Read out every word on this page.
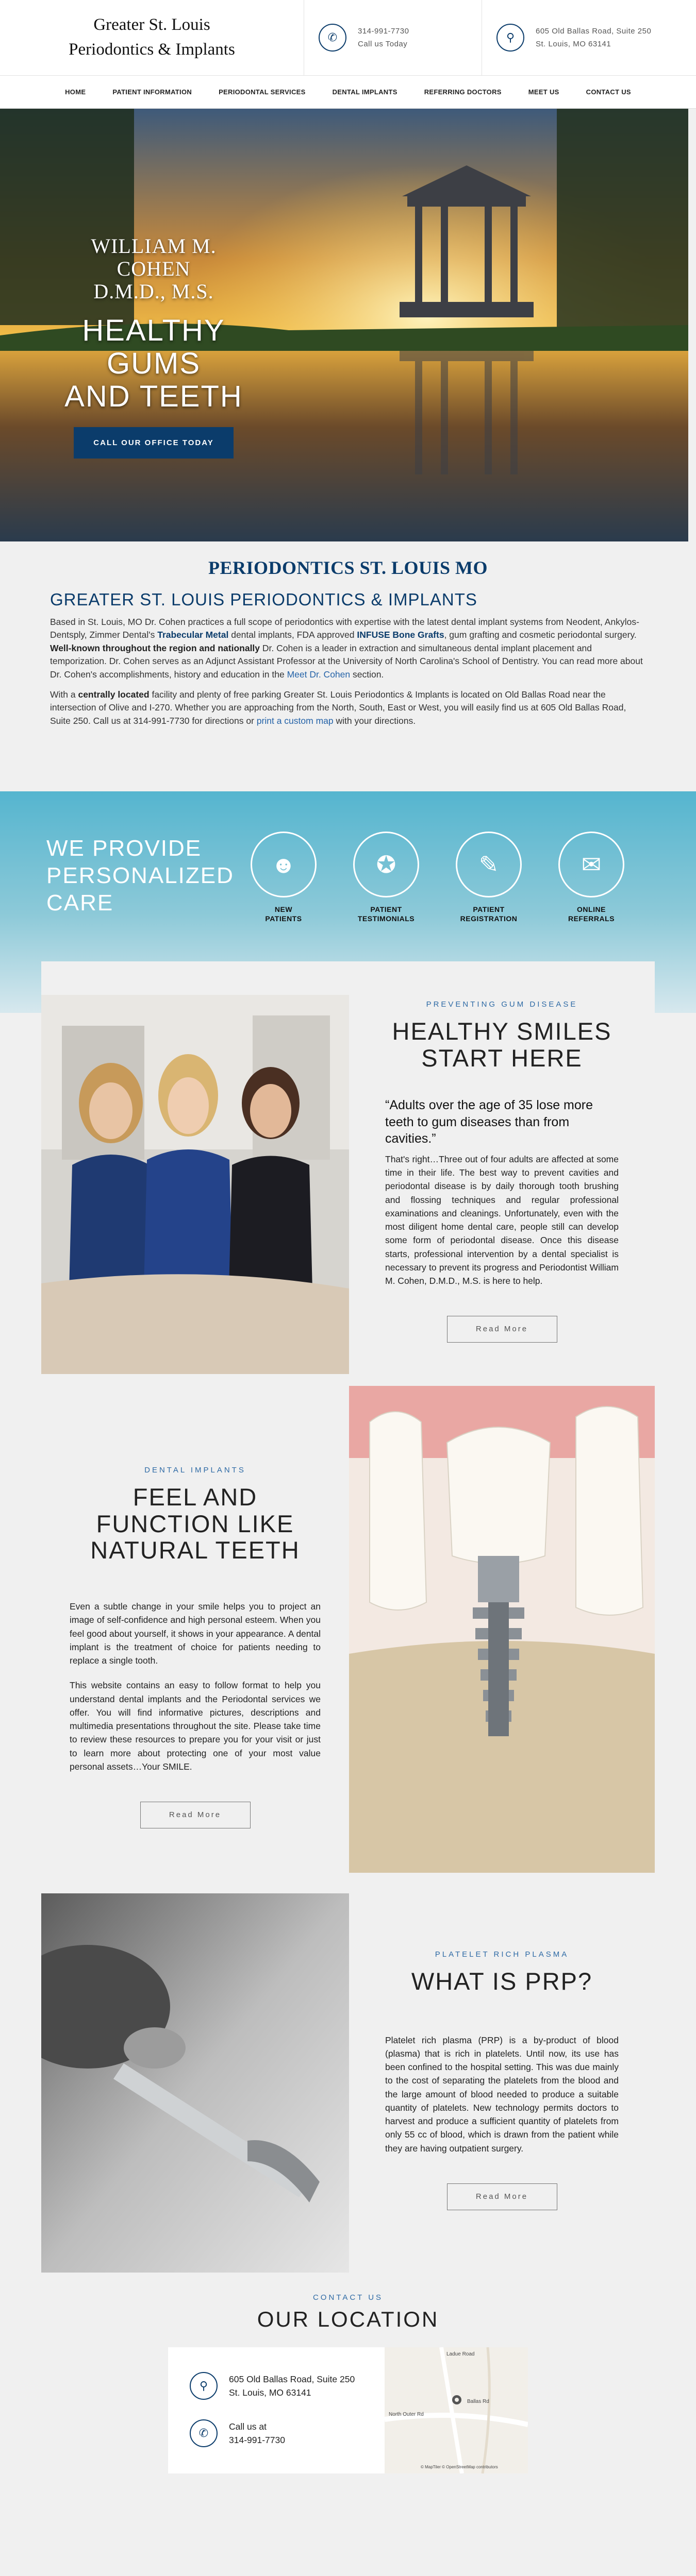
Greater St. Louis
Periodontics & Implants
✆	314-991-7730
Call us Today
⚲	605 Old Ballas Road, Suite 250
St. Louis, MO 63141
HOME	PATIENT INFORMATION	PERIODONTAL SERVICES	DENTAL IMPLANTS	REFERRING DOCTORS	MEET US	CONTACT US
WILLIAM M. COHEN
D.M.D., M.S.
HEALTHY GUMS
AND TEETH
CALL OUR OFFICE TODAY
PERIODONTICS ST. LOUIS MO
GREATER ST. LOUIS PERIODONTICS & IMPLANTS

Based in St. Louis, MO Dr. Cohen practices a full scope of periodontics with expertise with the latest dental implant systems from Neodent, Ankylos-Dentsply, Zimmer Dental's Trabecular Metal dental implants, FDA approved INFUSE Bone Grafts, gum grafting and cosmetic periodontal surgery. Well-known throughout the region and nationally Dr. Cohen is a leader in extraction and simultaneous dental implant placement and temporization. Dr. Cohen serves as an Adjunct Assistant Professor at the University of North Carolina's School of Dentistry. You can read more about Dr. Cohen's accomplishments, history and education in the Meet Dr. Cohen section.

With a centrally located facility and plenty of free parking Greater St. Louis Periodontics & Implants is located on Old Ballas Road near the intersection of Olive and I-270. Whether you are approaching from the North, South, East or West, you will easily find us at 605 Old Ballas Road, Suite 250. Call us at 314-991-7730 for directions or print a custom map with your directions.

WE PROVIDE
PERSONALIZED
CARE
☻
NEW
PATIENTS
✪
PATIENT
TESTIMONIALS
✎
PATIENT
REGISTRATION
✉
ONLINE
REFERRALS
PREVENTING GUM DISEASE
HEALTHY SMILES
START HERE
“Adults over the age of 35 lose more teeth to gum diseases than from cavities.”
That's right…Three out of four adults are affected at some time in their life. The best way to prevent cavities and periodontal disease is by daily thorough tooth brushing and flossing techniques and regular professional examinations and cleanings. Unfortunately, even with the most diligent home dental care, people still can develop some form of periodontal disease. Once this disease starts, professional intervention by a dental specialist is necessary to prevent its progress and Periodontist William M. Cohen, D.M.D., M.S. is here to help.
Read More
DENTAL IMPLANTS
FEEL AND
FUNCTION LIKE
NATURAL TEETH
Even a subtle change in your smile helps you to project an image of self-confidence and high personal esteem. When you feel good about yourself, it shows in your appearance. A dental implant is the treatment of choice for patients needing to replace a single tooth.
This website contains an easy to follow format to help you understand dental implants and the Periodontal services we offer. You will find informative pictures, descriptions and multimedia presentations throughout the site. Please take time to review these resources to prepare you for your visit or just to learn more about protecting one of your most value personal assets…Your SMILE.
Read More
PLATELET RICH PLASMA
WHAT IS PRP?
Platelet rich plasma (PRP) is a by-product of blood (plasma) that is rich in platelets. Until now, its use has been confined to the hospital setting. This was due mainly to the cost of separating the platelets from the blood and the large amount of blood needed to produce a suitable quantity of platelets. New technology permits doctors to harvest and produce a sufficient quantity of platelets from only 55 cc of blood, which is drawn from the patient while they are having outpatient surgery.
Read More
CONTACT US
OUR LOCATION
⚲
605 Old Ballas Road, Suite 250
St. Louis, MO 63141
✆
Call us at
314-991-7730
Ladue Road
North Outer Rd
Ballas Rd
© MapTiler © OpenStreetMap contributors
